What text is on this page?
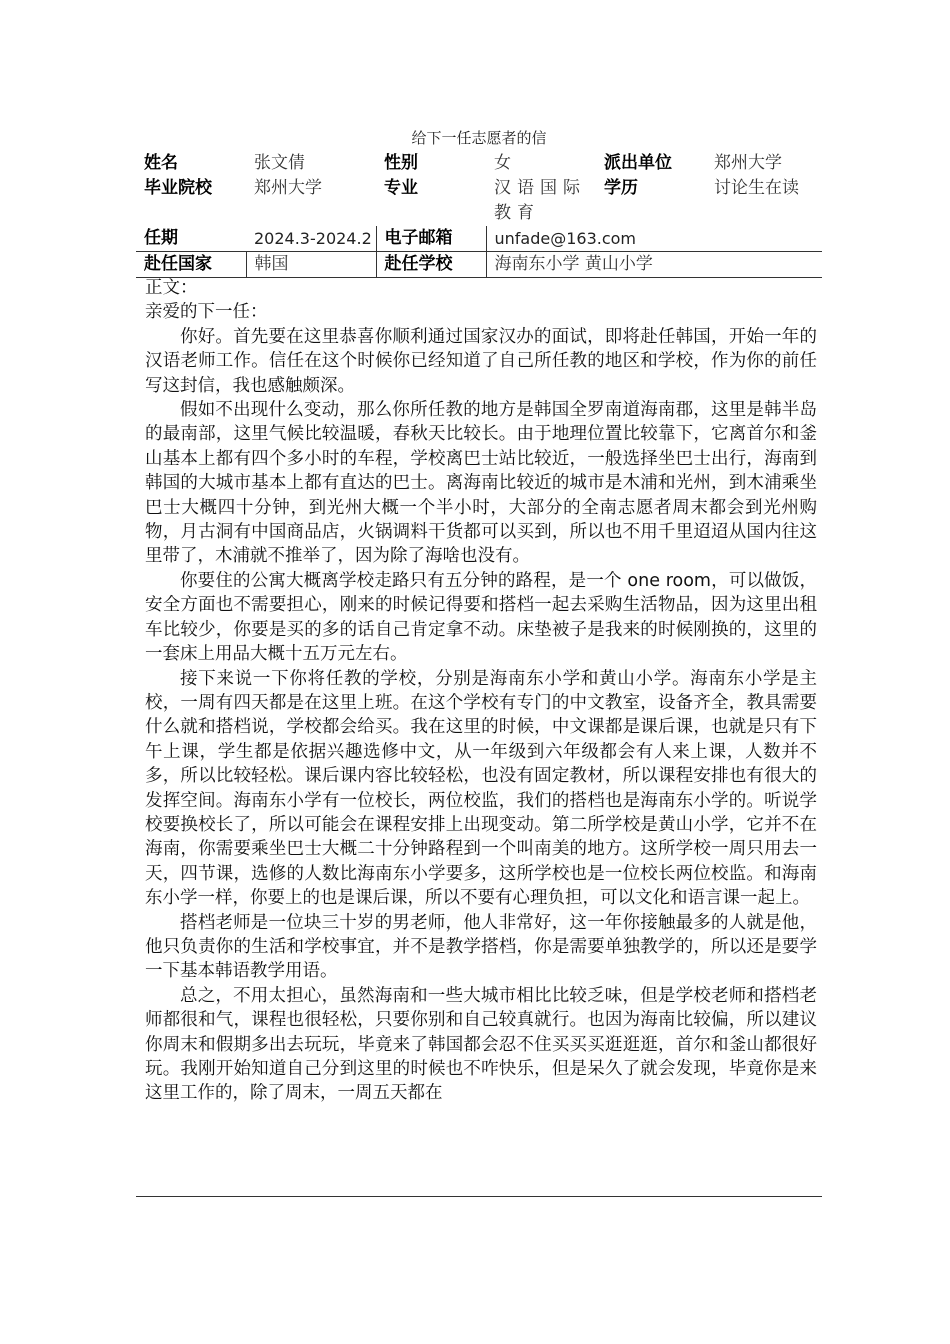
给下一任志愿者的信
姓名	张文倩	性别	女	派出单位	郑州大学
毕业院校	郑州大学	专业	汉语国际教育	学历	讨论生在读
任期	2024.3-2024.2	电子邮箱	unfade@163.com		
赴任国家	韩国	赴任学校	海南东小学 黄山小学		

正文：

亲爱的下一任：

你好。首先要在这里恭喜你顺利通过国家汉办的面试，即将赴任韩国，开始一年的汉语老师工作。信任在这个时候你已经知道了自己所任教的地区和学校，作为你的前任写这封信，我也感触颇深。

假如不出现什么变动，那么你所任教的地方是韩国全罗南道海南郡，这里是韩半岛的最南部，这里气候比较温暖，春秋天比较长。由于地理位置比较靠下，它离首尔和釜山基本上都有四个多小时的车程，学校离巴士站比较近，一般选择坐巴士出行，海南到韩国的大城市基本上都有直达的巴士。离海南比较近的城市是木浦和光州，到木浦乘坐巴士大概四十分钟，到光州大概一个半小时，大部分的全南志愿者周末都会到光州购物，月古洞有中国商品店，火锅调料干货都可以买到，所以也不用千里迢迢从国内往这里带了，木浦就不推举了，因为除了海啥也没有。

你要住的公寓大概离学校走路只有五分钟的路程，是一个 one room，可以做饭，安全方面也不需要担心，刚来的时候记得要和搭档一起去采购生活物品，因为这里出租车比较少，你要是买的多的话自己肯定拿不动。床垫被子是我来的时候刚换的，这里的一套床上用品大概十五万元左右。

接下来说一下你将任教的学校，分别是海南东小学和黄山小学。海南东小学是主校，一周有四天都是在这里上班。在这个学校有专门的中文教室，设备齐全，教具需要什么就和搭档说，学校都会给买。我在这里的时候，中文课都是课后课，也就是只有下午上课，学生都是依据兴趣选修中文，从一年级到六年级都会有人来上课，人数并不多，所以比较轻松。课后课内容比较轻松，也没有固定教材，所以课程安排也有很大的发挥空间。海南东小学有一位校长，两位校监，我们的搭档也是海南东小学的。听说学校要换校长了，所以可能会在课程安排上出现变动。第二所学校是黄山小学，它并不在海南，你需要乘坐巴士大概二十分钟路程到一个叫南美的地方。这所学校一周只用去一天，四节课，选修的人数比海南东小学要多，这所学校也是一位校长两位校监。和海南东小学一样，你要上的也是课后课，所以不要有心理负担，可以文化和语言课一起上。

搭档老师是一位块三十岁的男老师，他人非常好，这一年你接触最多的人就是他，他只负责你的生活和学校事宜，并不是教学搭档，你是需要单独教学的，所以还是要学一下基本韩语教学用语。

总之，不用太担心，虽然海南和一些大城市相比比较乏味，但是学校老师和搭档老师都很和气，课程也很轻松，只要你别和自己较真就行。也因为海南比较偏，所以建议你周末和假期多出去玩玩，毕竟来了韩国都会忍不住买买买逛逛逛，首尔和釜山都很好玩。我刚开始知道自己分到这里的时候也不咋快乐，但是呆久了就会发现，毕竟你是来这里工作的，除了周末，一周五天都在
